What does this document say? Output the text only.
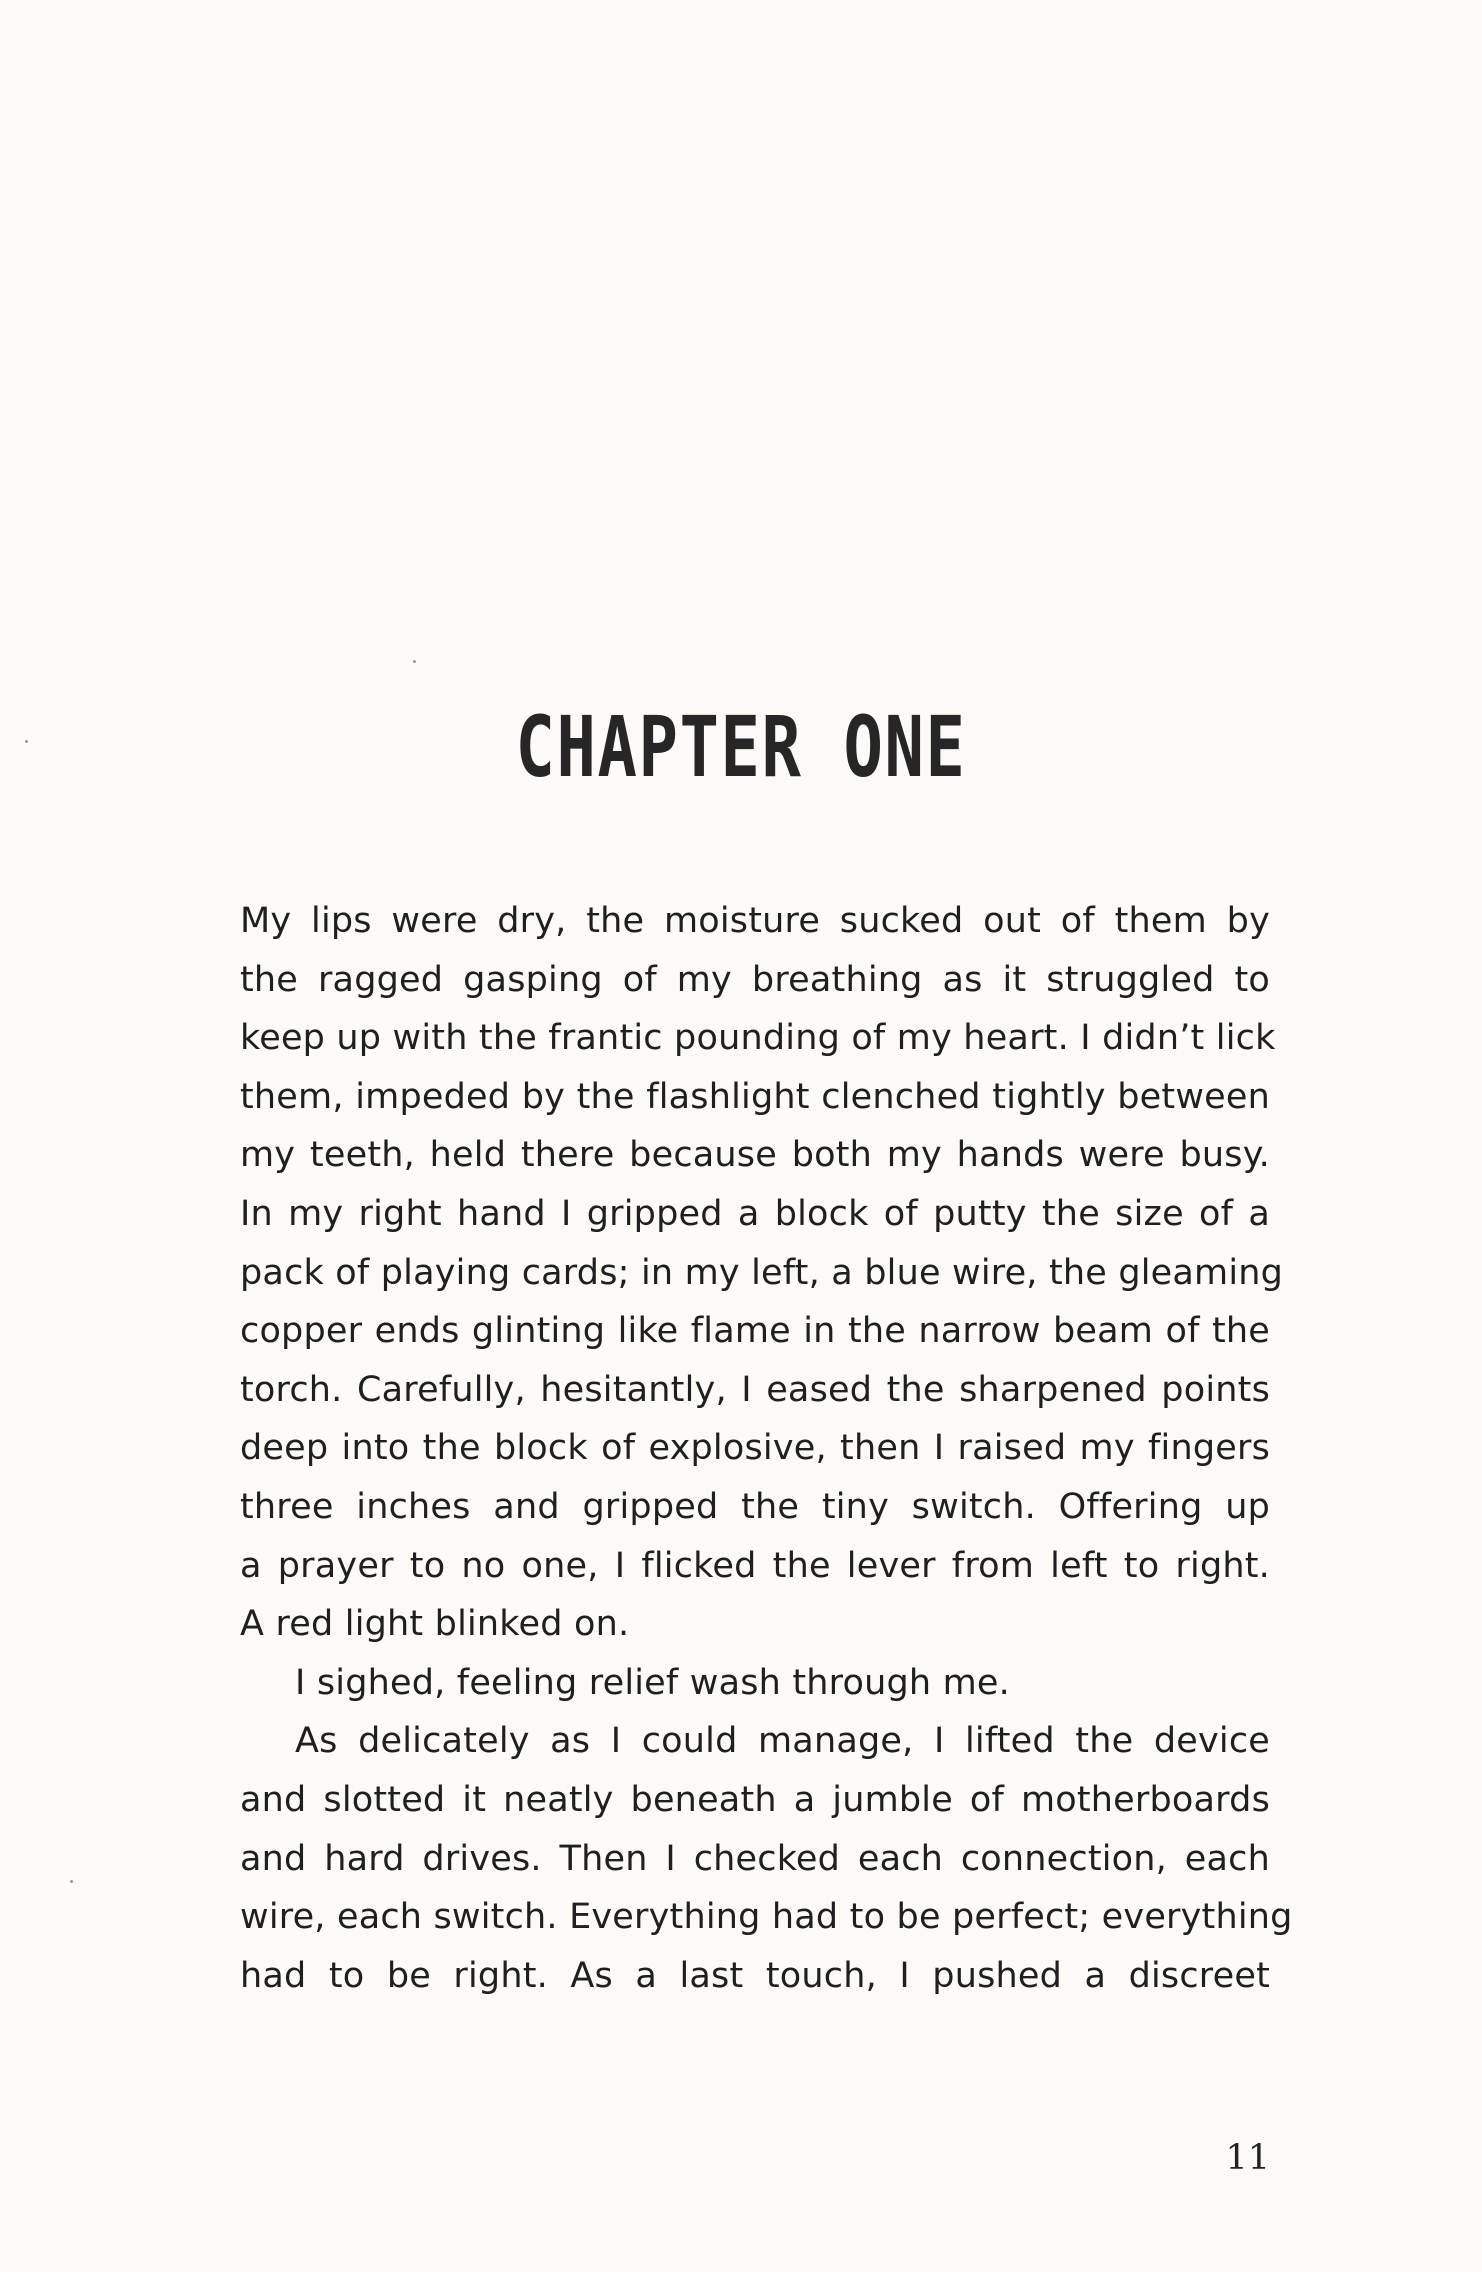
CHAPTER ONE
My lips were dry, the moisture sucked out of them by
the ragged gasping of my breathing as it struggled to
keep up with the frantic pounding of my heart. I didn’t lick
them, impeded by the flashlight clenched tightly between
my teeth, held there because both my hands were busy.
In my right hand I gripped a block of putty the size of a
pack of playing cards; in my left, a blue wire, the gleaming
copper ends glinting like flame in the narrow beam of the
torch. Carefully, hesitantly, I eased the sharpened points
deep into the block of explosive, then I raised my fingers
three inches and gripped the tiny switch. Offering up
a prayer to no one, I flicked the lever from left to right.
A red light blinked on.
I sighed, feeling relief wash through me.
As delicately as I could manage, I lifted the device
and slotted it neatly beneath a jumble of motherboards
and hard drives. Then I checked each connection, each
wire, each switch. Everything had to be perfect; everything
had to be right. As a last touch, I pushed a discreet
11
